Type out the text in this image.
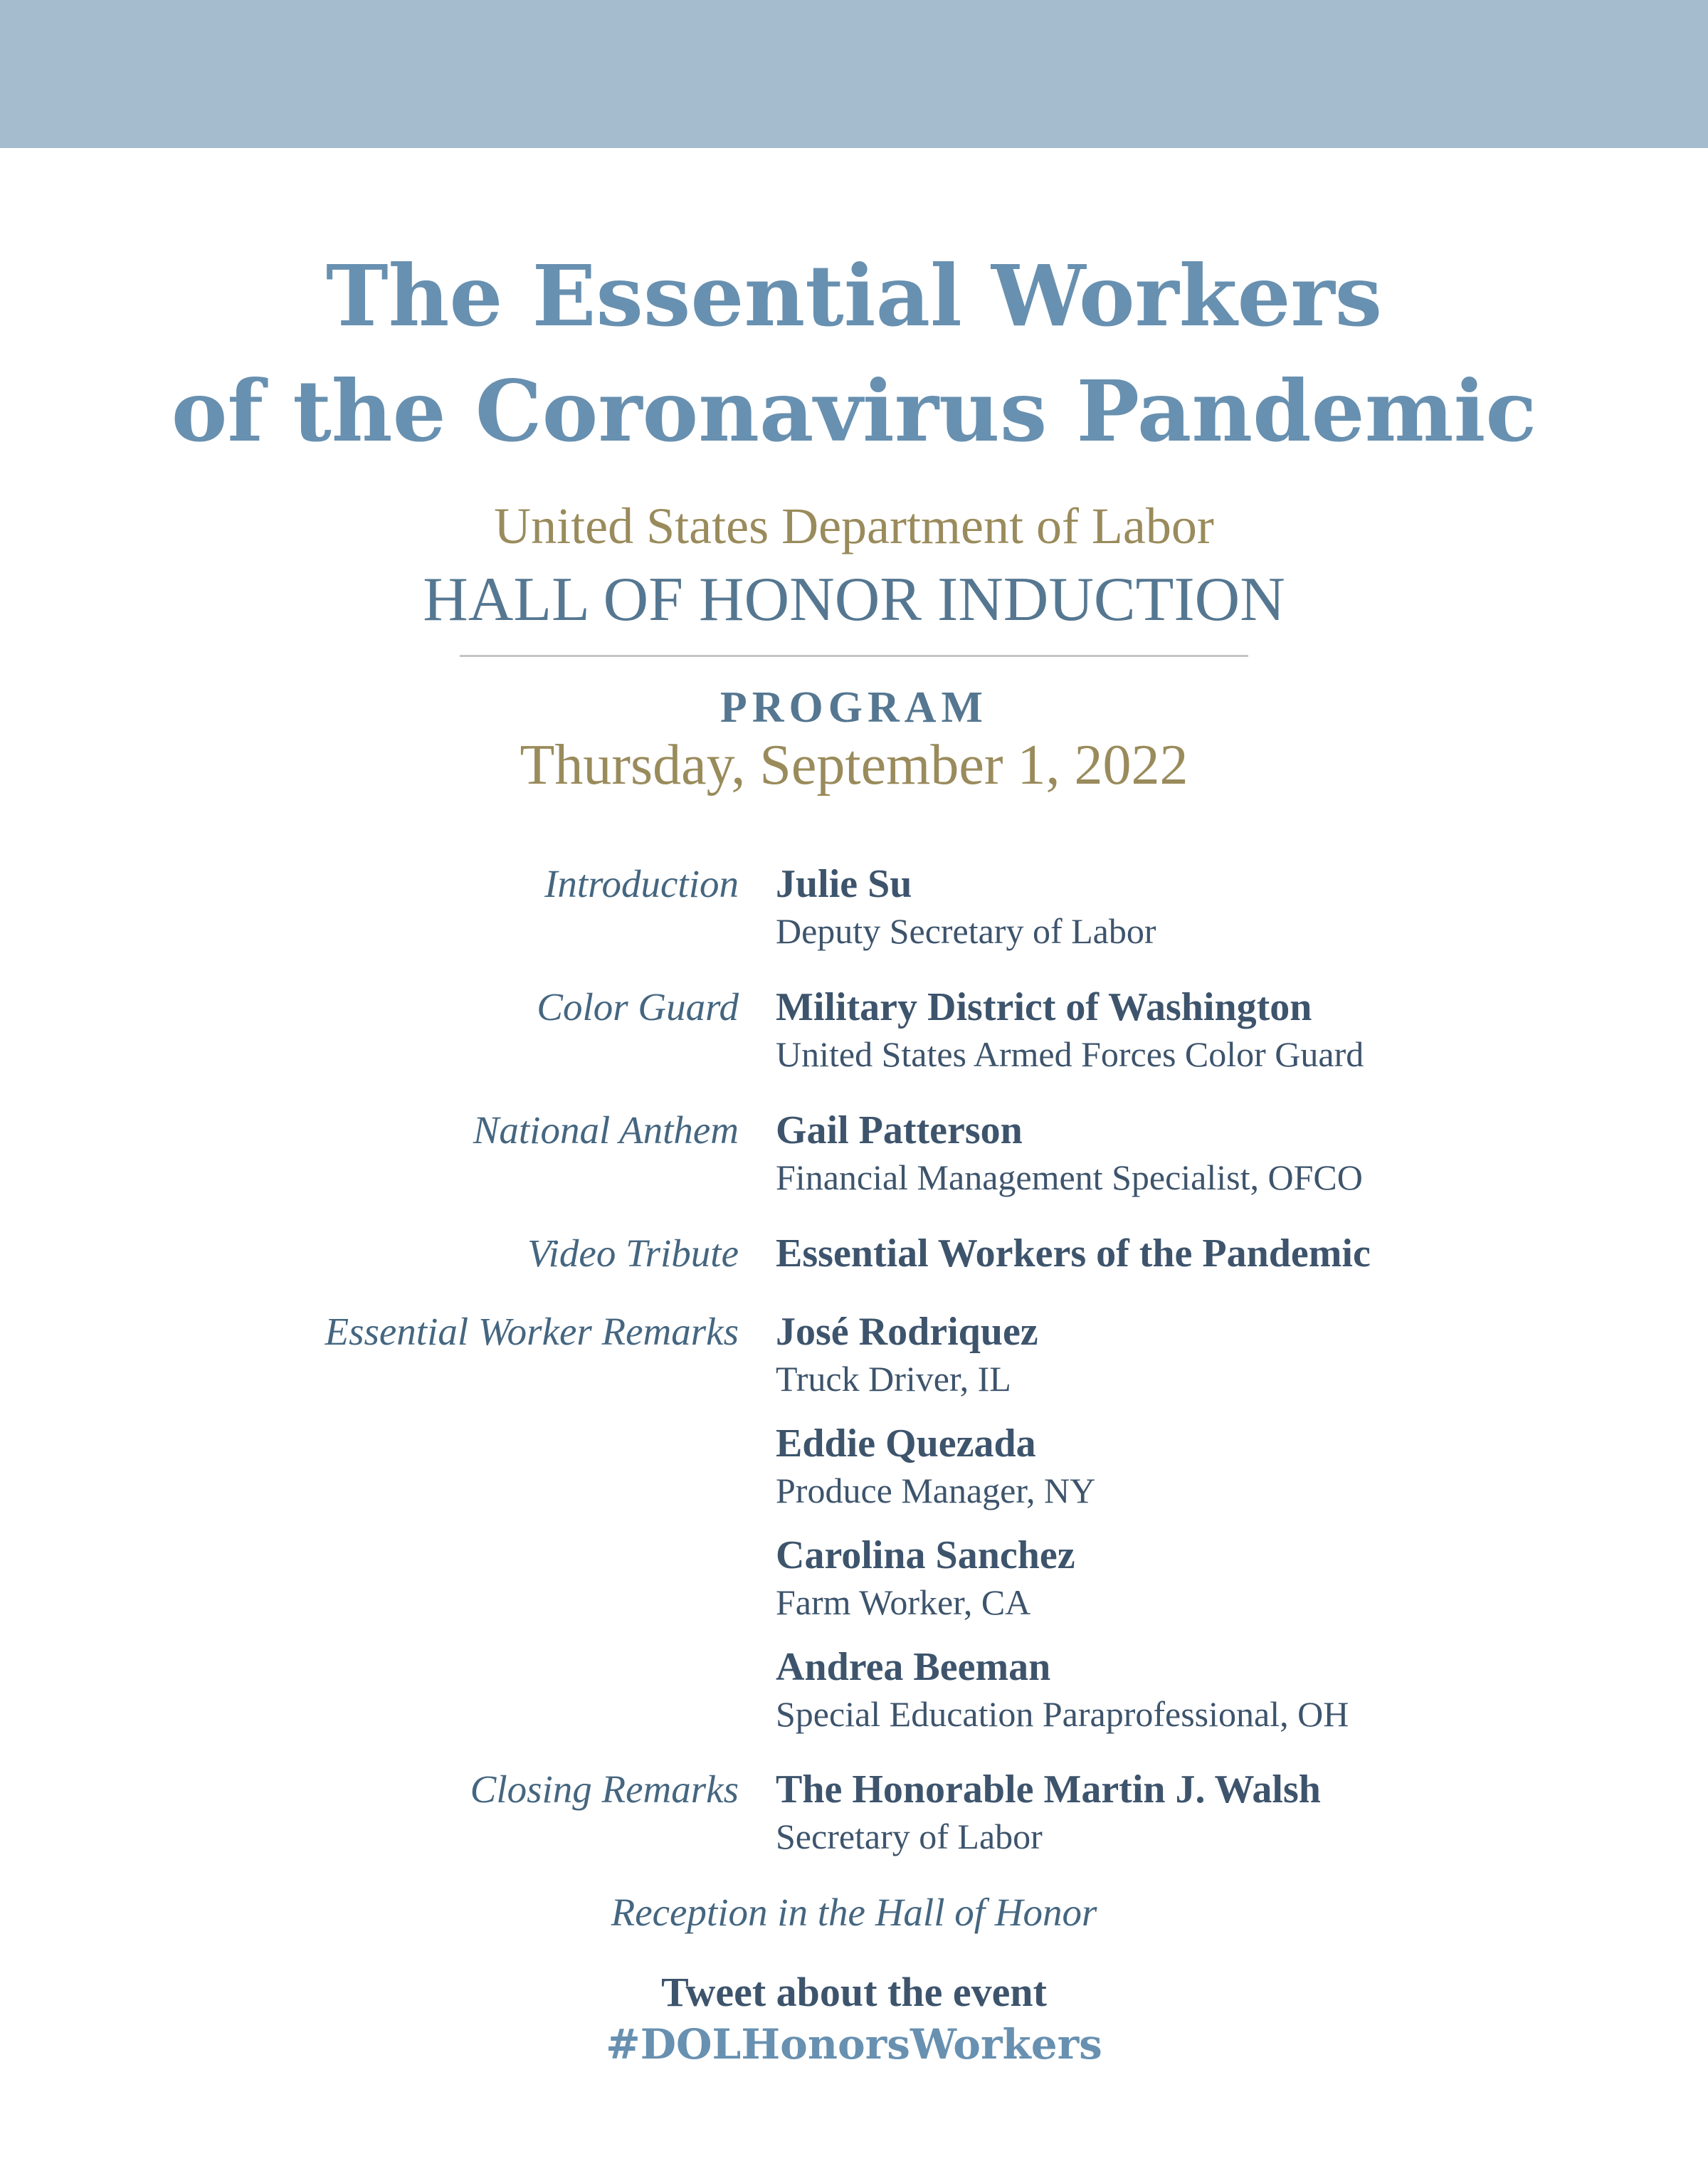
The Essential Workers
of the Coronavirus Pandemic
United States Department of Labor
HALL OF HONOR INDUCTION
PROGRAM
Thursday, September 1, 2022
Introduction Julie Su
Deputy Secretary of Labor
Color Guard Military District of Washington
United States Armed Forces Color Guard
National Anthem Gail Patterson
Financial Management Specialist, OFCO
Video Tribute Essential Workers of the Pandemic
Essential Worker Remarks José Rodriquez
Truck Driver, IL
Eddie Quezada
Produce Manager, NY
Carolina Sanchez
Farm Worker, CA
Andrea Beeman
Special Education Paraprofessional, OH
Closing Remarks The Honorable Martin J. Walsh
Secretary of Labor
Reception in the Hall of Honor
Tweet about the event
#DOLHonorsWorkers
